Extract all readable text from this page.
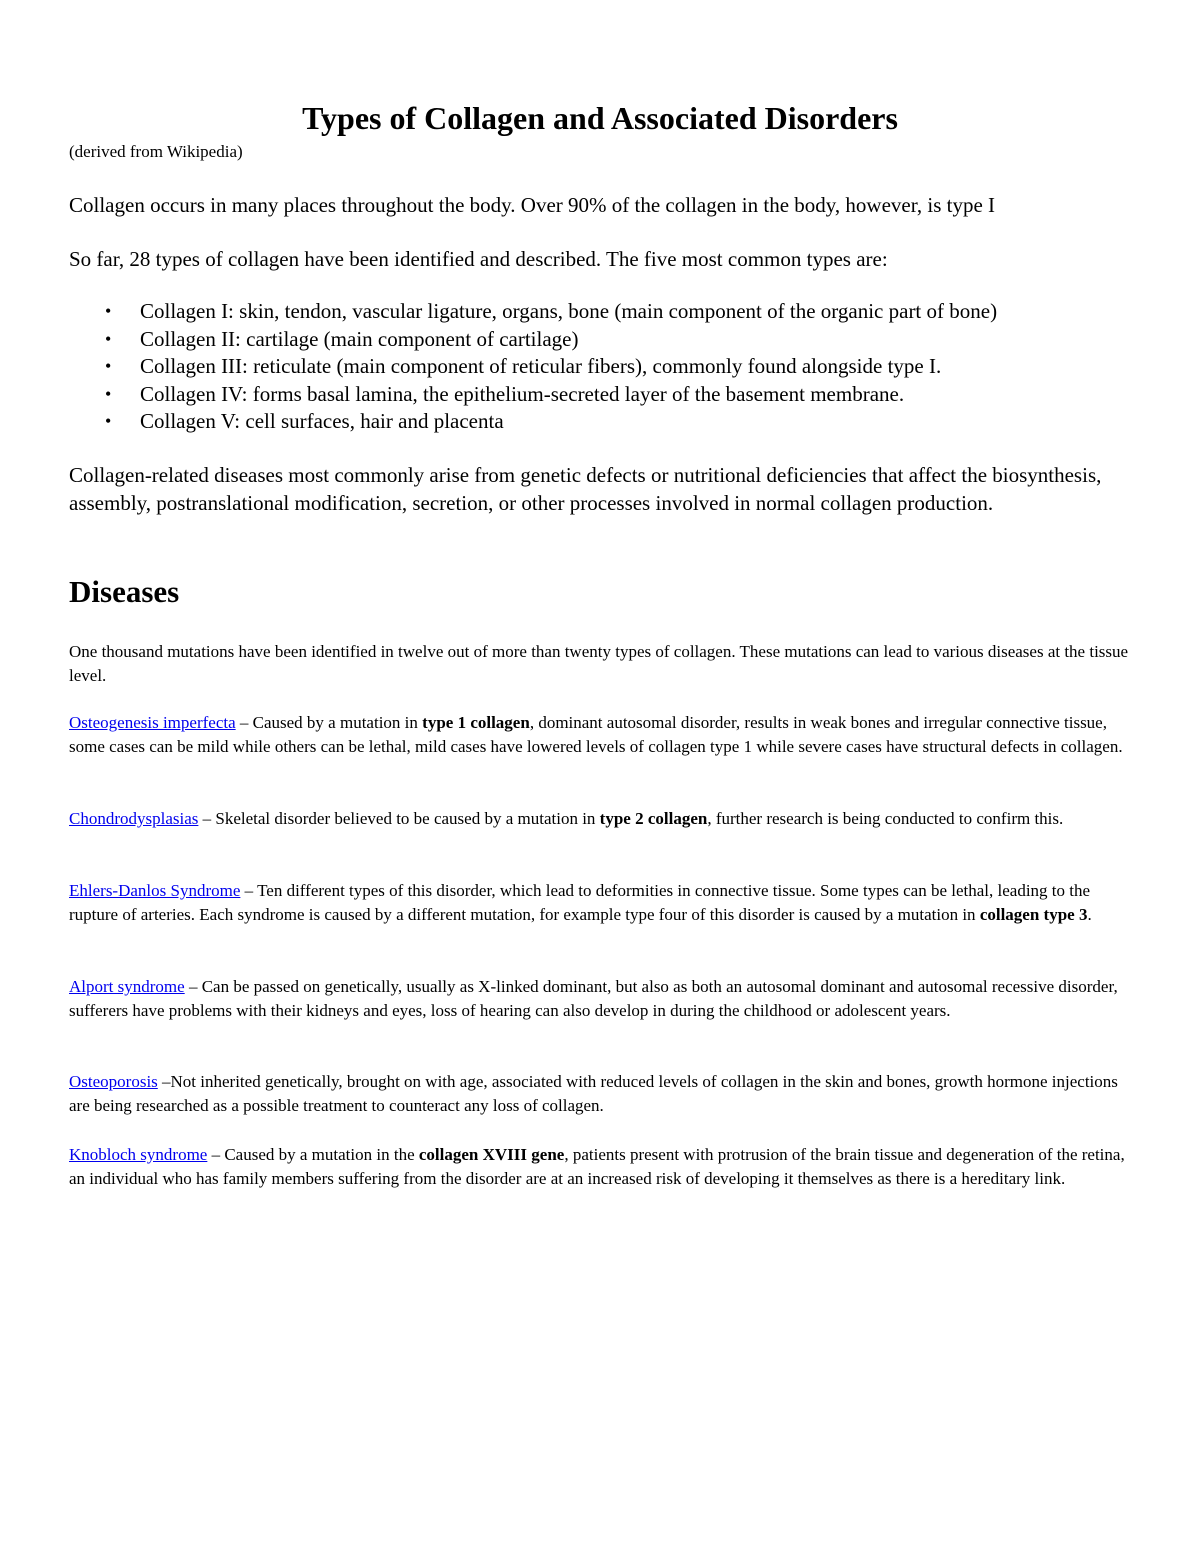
Types of Collagen and Associated Disorders

(derived from Wikipedia)

Collagen occurs in many places throughout the body. Over 90% of the collagen in the body, however, is type I

So far, 28 types of collagen have been identified and described. The five most common types are:

• Collagen I: skin, tendon, vascular ligature, organs, bone (main component of the organic part of bone)
• Collagen II: cartilage (main component of cartilage)
• Collagen III: reticulate (main component of reticular fibers), commonly found alongside type I.
• Collagen IV: forms basal lamina, the epithelium-secreted layer of the basement membrane.
• Collagen V: cell surfaces, hair and placenta

Collagen-related diseases most commonly arise from genetic defects or nutritional deficiencies that affect the biosynthesis, assembly, postranslational modification, secretion, or other processes involved in normal collagen production.

Diseases

One thousand mutations have been identified in twelve out of more than twenty types of collagen. These mutations can lead to various diseases at the tissue level.

Osteogenesis imperfecta – Caused by a mutation in type 1 collagen, dominant autosomal disorder, results in weak bones and irregular connective tissue, some cases can be mild while others can be lethal, mild cases have lowered levels of collagen type 1 while severe cases have structural defects in collagen.

Chondrodysplasias – Skeletal disorder believed to be caused by a mutation in type 2 collagen, further research is being conducted to confirm this.

Ehlers-Danlos Syndrome – Ten different types of this disorder, which lead to deformities in connective tissue. Some types can be lethal, leading to the rupture of arteries. Each syndrome is caused by a different mutation, for example type four of this disorder is caused by a mutation in collagen type 3.

Alport syndrome – Can be passed on genetically, usually as X-linked dominant, but also as both an autosomal dominant and autosomal recessive disorder, sufferers have problems with their kidneys and eyes, loss of hearing can also develop in during the childhood or adolescent years.

Osteoporosis –Not inherited genetically, brought on with age, associated with reduced levels of collagen in the skin and bones, growth hormone injections are being researched as a possible treatment to counteract any loss of collagen.

Knobloch syndrome – Caused by a mutation in the collagen XVIII gene, patients present with protrusion of the brain tissue and degeneration of the retina, an individual who has family members suffering from the disorder are at an increased risk of developing it themselves as there is a hereditary link.
